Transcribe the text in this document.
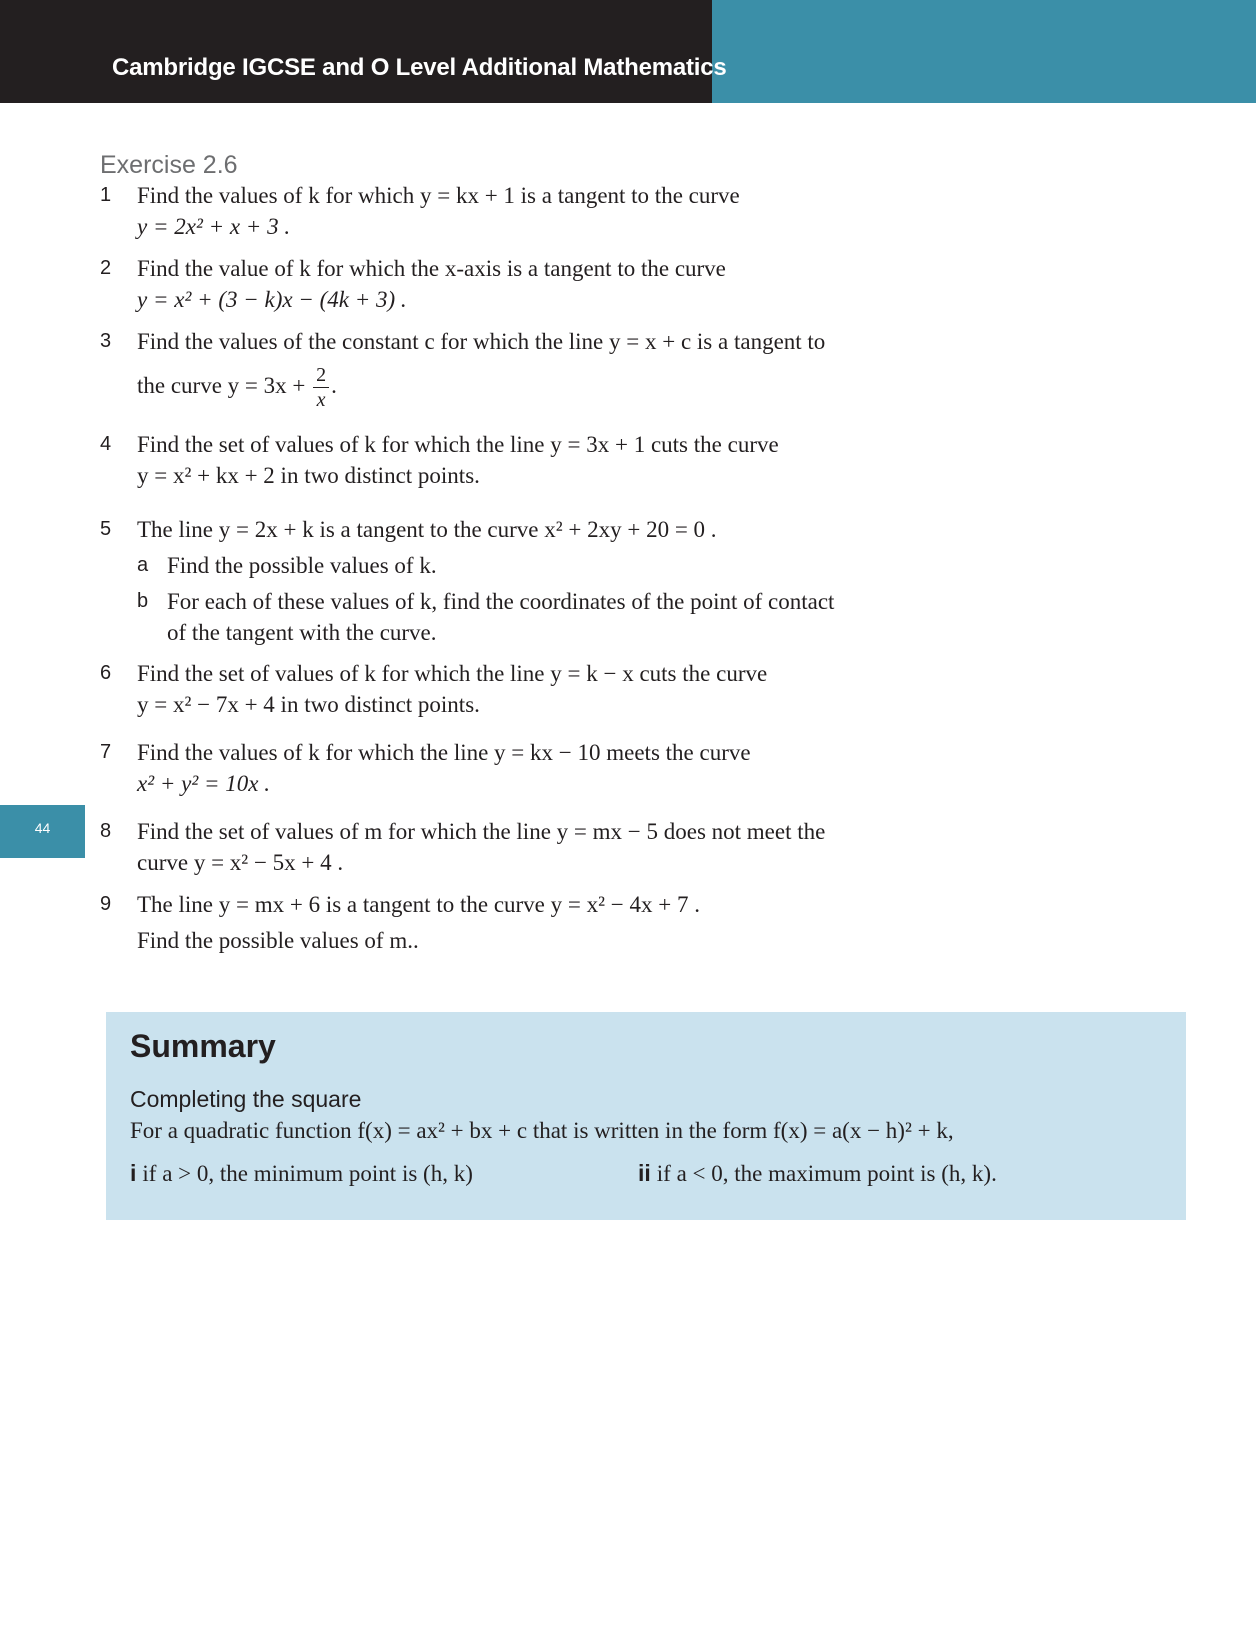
Cambridge IGCSE and O Level Additional Mathematics
Exercise 2.6
1	Find the values of k for which y = kx + 1 is a tangent to the curve
y = 2x² + x + 3 .
2	Find the value of k for which the x-axis is a tangent to the curve
y = x² + (3 − k)x − (4k + 3) .
3	Find the values of the constant c for which the line y = x + c is a tangent to
the curve $y = 3x + \frac{2}{x}$ .
4	Find the set of values of k for which the line y = 3x + 1 cuts the curve
y = x² + kx + 2 in two distinct points.
5	The line y = 2x + k is a tangent to the curve x² + 2xy + 20 = 0 .
a Find the possible values of k.
b For each of these values of k, find the coordinates of the point of contact
of the tangent with the curve.
6	Find the set of values of k for which the line y = k − x cuts the curve
y = x² − 7x + 4 in two distinct points.
7	Find the values of k for which the line y = kx − 10 meets the curve
x² + y² = 10x .
44	8	Find the set of values of m for which the line y = mx − 5 does not meet the
curve y = x² − 5x + 4 .
9	The line y = mx + 6 is a tangent to the curve y = x² − 4x + 7 .
Find the possible values of m..
Summary
Completing the square
For a quadratic function f(x) = ax² + bx + c that is written in the form f(x) = a(x − h)² + k,
i if a > 0, the minimum point is (h, k)	ii if a < 0, the maximum point is (h, k).
